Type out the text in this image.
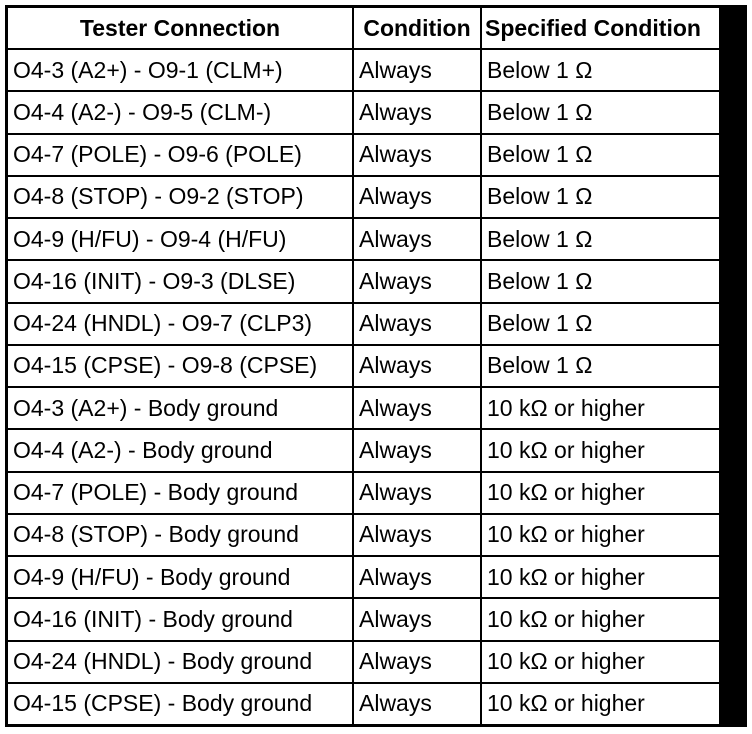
Tester Connection	Condition	Specified Condition
O4-3 (A2+) - O9-1 (CLM+)	Always	Below 1 Ω
O4-4 (A2-) - O9-5 (CLM-)	Always	Below 1 Ω
O4-7 (POLE) - O9-6 (POLE)	Always	Below 1 Ω
O4-8 (STOP) - O9-2 (STOP)	Always	Below 1 Ω
O4-9 (H/FU) - O9-4 (H/FU)	Always	Below 1 Ω
O4-16 (INIT) - O9-3 (DLSE)	Always	Below 1 Ω
O4-24 (HNDL) - O9-7 (CLP3)	Always	Below 1 Ω
O4-15 (CPSE) - O9-8 (CPSE)	Always	Below 1 Ω
O4-3 (A2+) - Body ground	Always	10 kΩ or higher
O4-4 (A2-) - Body ground	Always	10 kΩ or higher
O4-7 (POLE) - Body ground	Always	10 kΩ or higher
O4-8 (STOP) - Body ground	Always	10 kΩ or higher
O4-9 (H/FU) - Body ground	Always	10 kΩ or higher
O4-16 (INIT) - Body ground	Always	10 kΩ or higher
O4-24 (HNDL) - Body ground	Always	10 kΩ or higher
O4-15 (CPSE) - Body ground	Always	10 kΩ or higher
